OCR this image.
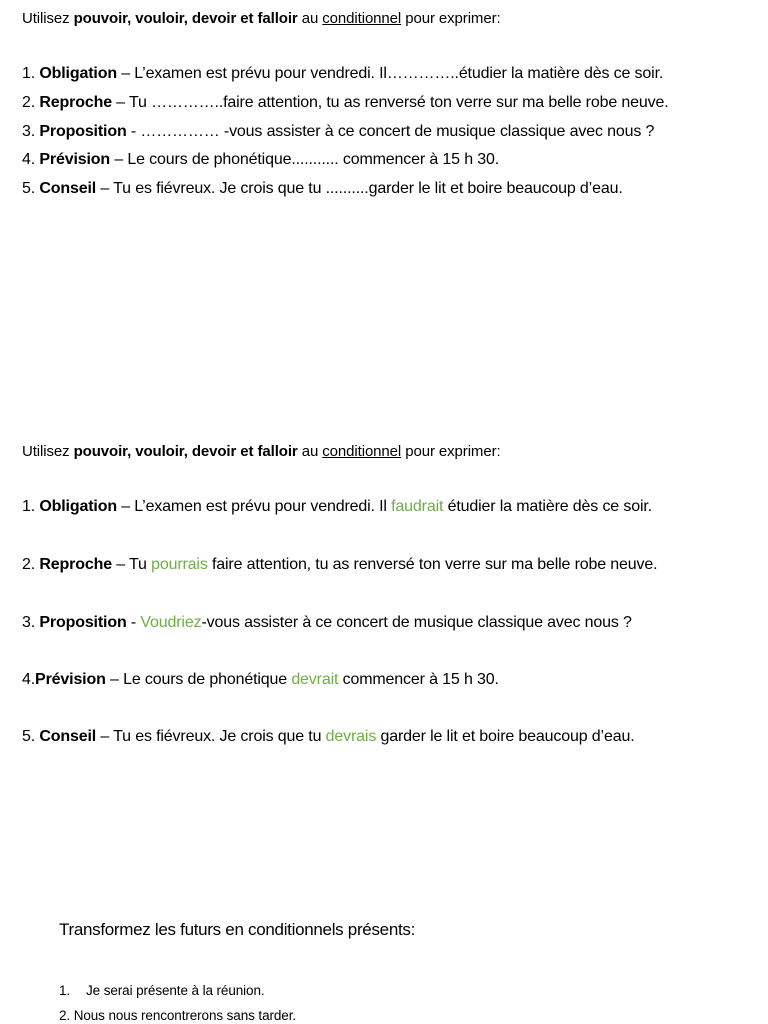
Utilisez pouvoir, vouloir, devoir et falloir au conditionnel pour exprimer:
1. Obligation – L’examen est prévu pour vendredi. Il…………..étudier la matière dès ce soir.
2. Reproche – Tu …………..faire attention, tu as renversé ton verre sur ma belle robe neuve.
3. Proposition - …………… -vous assister à ce concert de musique classique avec nous ?
4. Prévision – Le cours de phonétique........... commencer à 15 h 30.
5. Conseil – Tu es fiévreux. Je crois que tu ..........garder le lit et boire beaucoup d’eau.
Utilisez pouvoir, vouloir, devoir et falloir au conditionnel pour exprimer:
1. Obligation – L’examen est prévu pour vendredi. Il faudrait étudier la matière dès ce soir.
2. Reproche – Tu pourrais faire attention, tu as renversé ton verre sur ma belle robe neuve.
3. Proposition - Voudriez-vous assister à ce concert de musique classique avec nous ?
4.Prévision – Le cours de phonétique devrait commencer à 15 h 30.
5. Conseil – Tu es fiévreux. Je crois que tu devrais garder le lit et boire beaucoup d’eau.
Transformez les futurs en conditionnels présents:
1. Je serai présente à la réunion.
2. Nous nous rencontrerons sans tarder.
